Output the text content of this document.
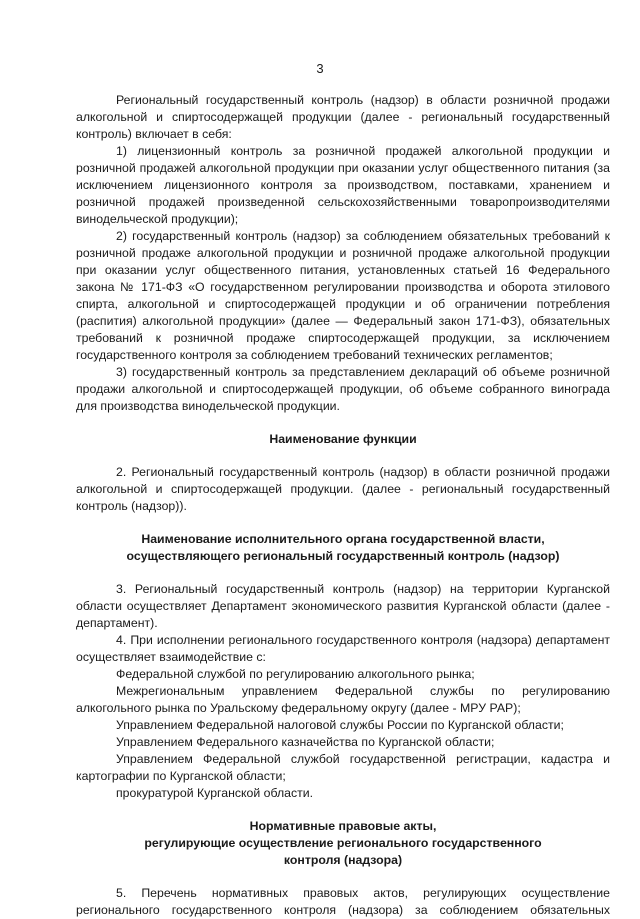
3

Региональный государственный контроль (надзор) в области розничной продажи алкогольной и спиртосодержащей продукции (далее - региональный государственный контроль) включает в себя:

1) лицензионный контроль за розничной продажей алкогольной продукции и розничной продажей алкогольной продукции при оказании услуг общественного питания (за исключением лицензионного контроля за производством, поставками, хранением и розничной продажей произведенной сельскохозяйственными товаропроизводителями винодельческой продукции);

2) государственный контроль (надзор) за соблюдением обязательных требований к розничной продаже алкогольной продукции и розничной продаже алкогольной продукции при оказании услуг общественного питания, установленных статьей 16 Федерального закона № 171-ФЗ «О государственном регулировании производства и оборота этилового спирта, алкогольной и спиртосодержащей продукции и об ограничении потребления (распития) алкогольной продукции» (далее — Федеральный закон 171-ФЗ), обязательных требований к розничной продаже спиртосодержащей продукции, за исключением государственного контроля за соблюдением требований технических регламентов;

3) государственный контроль за представлением деклараций об объеме розничной продажи алкогольной и спиртосодержащей продукции, об объеме собранного винограда для производства винодельческой продукции.

Наименование функции

2. Региональный государственный контроль (надзор) в области розничной продажи алкогольной и спиртосодержащей продукции. (далее - региональный государственный контроль (надзор)).

Наименование исполнительного органа государственной власти,
осуществляющего региональный государственный контроль (надзор)

3. Региональный государственный контроль (надзор) на территории Курганской области осуществляет Департамент экономического развития Курганской области (далее - департамент).

4. При исполнении регионального государственного контроля (надзора) департамент осуществляет взаимодействие с:

Федеральной службой по регулированию алкогольного рынка;

Межрегиональным управлением Федеральной службы по регулированию алкогольного рынка по Уральскому федеральному округу (далее - МРУ РАР);

Управлением Федеральной налоговой службы России по Курганской области;

Управлением Федерального казначейства по Курганской области;

Управлением Федеральной службой государственной регистрации, кадастра и картографии по Курганской области;

прокуратурой Курганской области.

Нормативные правовые акты,
регулирующие осуществление регионального государственного
контроля (надзора)
5. Перечень нормативных правовых актов, регулирующих осуществление
регионального государственного контроля (надзора) за соблюдением обязательных
